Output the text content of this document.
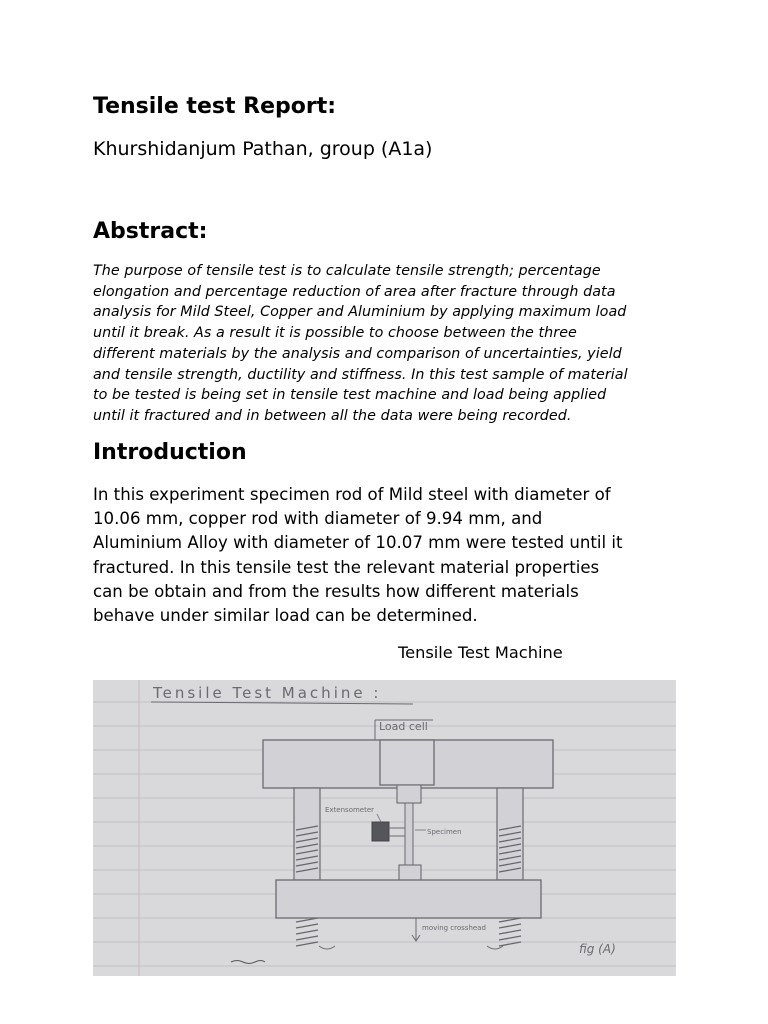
Tensile test Report:

Khurshidanjum Pathan, group (A1a)

Abstract:
The purpose of tensile test is to calculate tensile strength; percentage
elongation and percentage reduction of area after fracture through data
analysis for Mild Steel, Copper and Aluminium by applying maximum load
until it break. As a result it is possible to choose between the three
different materials by the analysis and comparison of uncertainties, yield
and tensile strength, ductility and stiffness. In this test sample of material
to be tested is being set in tensile test machine and load being applied
until it fractured and in between all the data were being recorded.
Introduction
In this experiment specimen rod of Mild steel with diameter of
10.06 mm, copper rod with diameter of 9.94 mm, and
Aluminium Alloy with diameter of 10.07 mm were tested until it
fractured. In this tensile test the relevant material properties
can be obtain and from the results how different materials
behave under similar load can be determined.

Tensile Test Machine

Tensile Test Machine :
Load cell
Extensometer
Specimen
moving crosshead
fig (A)
